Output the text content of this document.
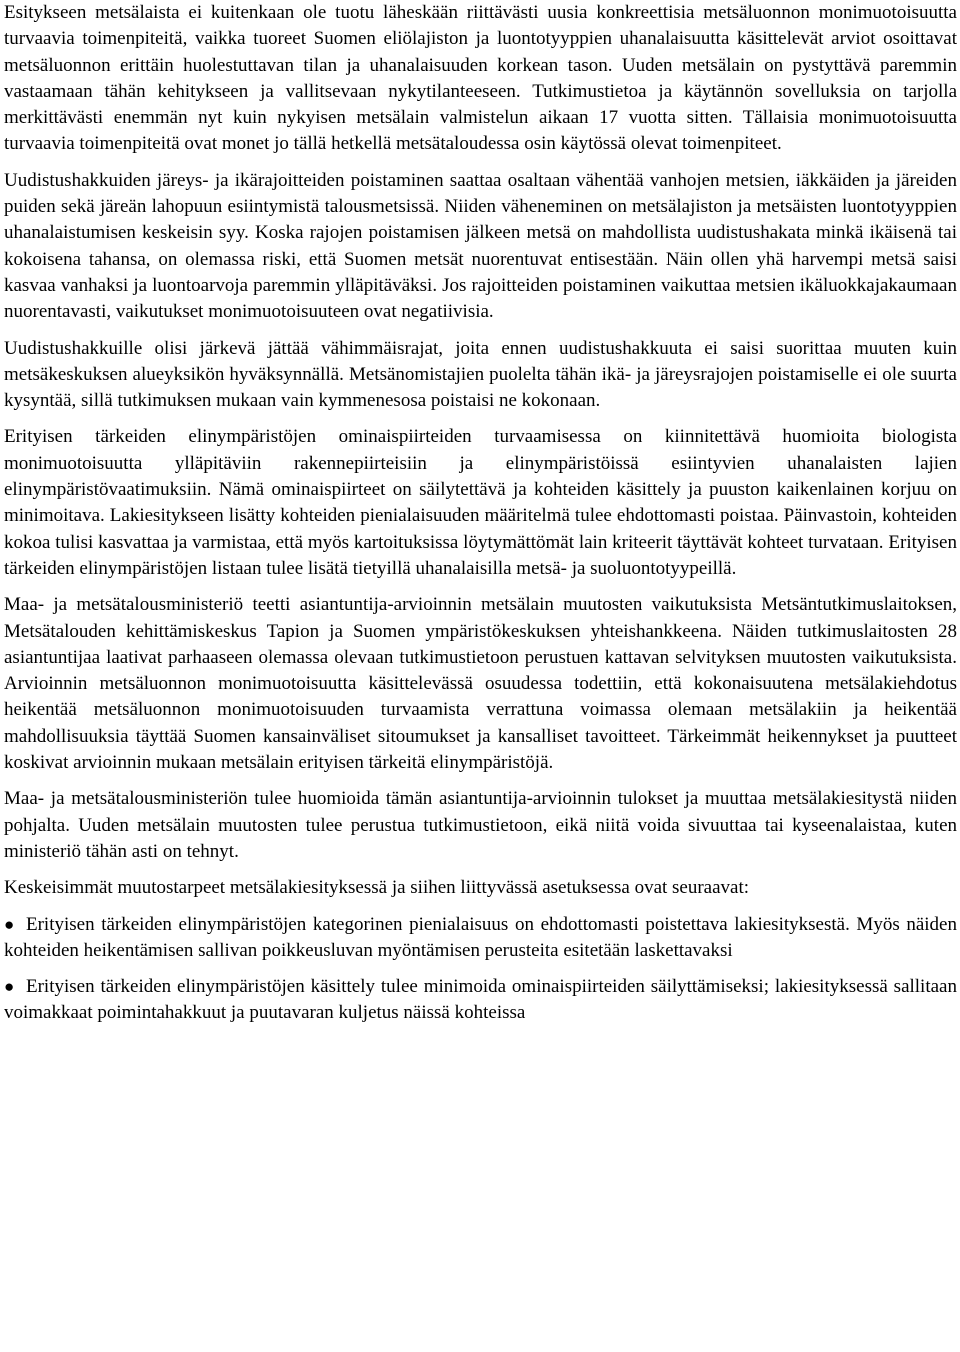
Esitykseen metsälaista ei kuitenkaan ole tuotu läheskään riittävästi uusia konkreettisia metsäluonnon monimuotoisuutta turvaavia toimenpiteitä, vaikka tuoreet Suomen eliölajiston ja luontotyyppien uhanalaisuutta käsittelevät arviot osoittavat metsäluonnon erittäin huolestuttavan tilan ja uhanalaisuuden korkean tason. Uuden metsälain on pystyttävä paremmin vastaamaan tähän kehitykseen ja vallitsevaan nykytilanteeseen. Tutkimustietoa ja käytännön sovelluksia on tarjolla merkittävästi enemmän nyt kuin nykyisen metsälain valmistelun aikaan 17 vuotta sitten. Tällaisia monimuotoisuutta turvaavia toimenpiteitä ovat monet jo tällä hetkellä metsätaloudessa osin käytössä olevat toimenpiteet.

Uudistushakkuiden järeys- ja ikärajoitteiden poistaminen saattaa osaltaan vähentää vanhojen metsien, iäkkäiden ja järeiden puiden sekä järeän lahopuun esiintymistä talousmetsissä. Niiden väheneminen on metsälajiston ja metsäisten luontotyyppien uhanalaistumisen keskeisin syy. Koska rajojen poistamisen jälkeen metsä on mahdollista uudistushakata minkä ikäisenä tai kokoisena tahansa, on olemassa riski, että Suomen metsät nuorentuvat entisestään. Näin ollen yhä harvempi metsä saisi kasvaa vanhaksi ja luontoarvoja paremmin ylläpitäväksi. Jos rajoitteiden poistaminen vaikuttaa metsien ikäluokkajakaumaan nuorentavasti, vaikutukset monimuotoisuuteen ovat negatiivisia.

Uudistushakkuille olisi järkevä jättää vähimmäisrajat, joita ennen uudistushakkuuta ei saisi suorittaa muuten kuin metsäkeskuksen alueyksikön hyväksynnällä. Metsänomistajien puolelta tähän ikä- ja järeysrajojen poistamiselle ei ole suurta kysyntää, sillä tutkimuksen mukaan vain kymmenesosa poistaisi ne kokonaan.

Erityisen tärkeiden elinympäristöjen ominaispiirteiden turvaamisessa on kiinnitettävä huomioita biologista monimuotoisuutta ylläpitäviin rakennepiirteisiin ja elinympäristöissä esiintyvien uhanalaisten lajien elinympäristövaatimuksiin. Nämä ominaispiirteet on säilytettävä ja kohteiden käsittely ja puuston kaikenlainen korjuu on minimoitava. Lakiesitykseen lisätty kohteiden pienialaisuuden määritelmä tulee ehdottomasti poistaa. Päinvastoin, kohteiden kokoa tulisi kasvattaa ja varmistaa, että myös kartoituksissa löytymättömät lain kriteerit täyttävät kohteet turvataan. Erityisen tärkeiden elinympäristöjen listaan tulee lisätä tietyillä uhanalaisilla metsä- ja suoluontotyypeillä.

Maa- ja metsätalousministeriö teetti asiantuntija-arvioinnin metsälain muutosten vaikutuksista Metsäntutkimuslaitoksen, Metsätalouden kehittämiskeskus Tapion ja Suomen ympäristökeskuksen yhteishankkeena. Näiden tutkimuslaitosten 28 asiantuntijaa laativat parhaaseen olemassa olevaan tutkimustietoon perustuen kattavan selvityksen muutosten vaikutuksista. Arvioinnin metsäluonnon monimuotoisuutta käsittelevässä osuudessa todettiin, että kokonaisuutena metsälakiehdotus heikentää metsäluonnon monimuotoisuuden turvaamista verrattuna voimassa olemaan metsälakiin ja heikentää mahdollisuuksia täyttää Suomen kansainväliset sitoumukset ja kansalliset tavoitteet. Tärkeimmät heikennykset ja puutteet koskivat arvioinnin mukaan metsälain erityisen tärkeitä elinympäristöjä.

Maa- ja metsätalousministeriön tulee huomioida tämän asiantuntija-arvioinnin tulokset ja muuttaa metsälakiesitystä niiden pohjalta. Uuden metsälain muutosten tulee perustua tutkimustietoon, eikä niitä voida sivuuttaa tai kyseenalaistaa, kuten ministeriö tähän asti on tehnyt.

Keskeisimmät muutostarpeet metsälakiesityksessä ja siihen liittyvässä asetuksessa ovat seuraavat:

● Erityisen tärkeiden elinympäristöjen kategorinen pienialaisuus on ehdottomasti poistettava lakiesityksestä. Myös näiden kohteiden heikentämisen sallivan poikkeusluvan myöntämisen perusteita esitetään laskettavaksi
● Erityisen tärkeiden elinympäristöjen käsittely tulee minimoida ominaispiirteiden säilyttämiseksi; lakiesityksessä sallitaan voimakkaat poimintahakkuut ja puutavaran kuljetus näissä kohteissa
